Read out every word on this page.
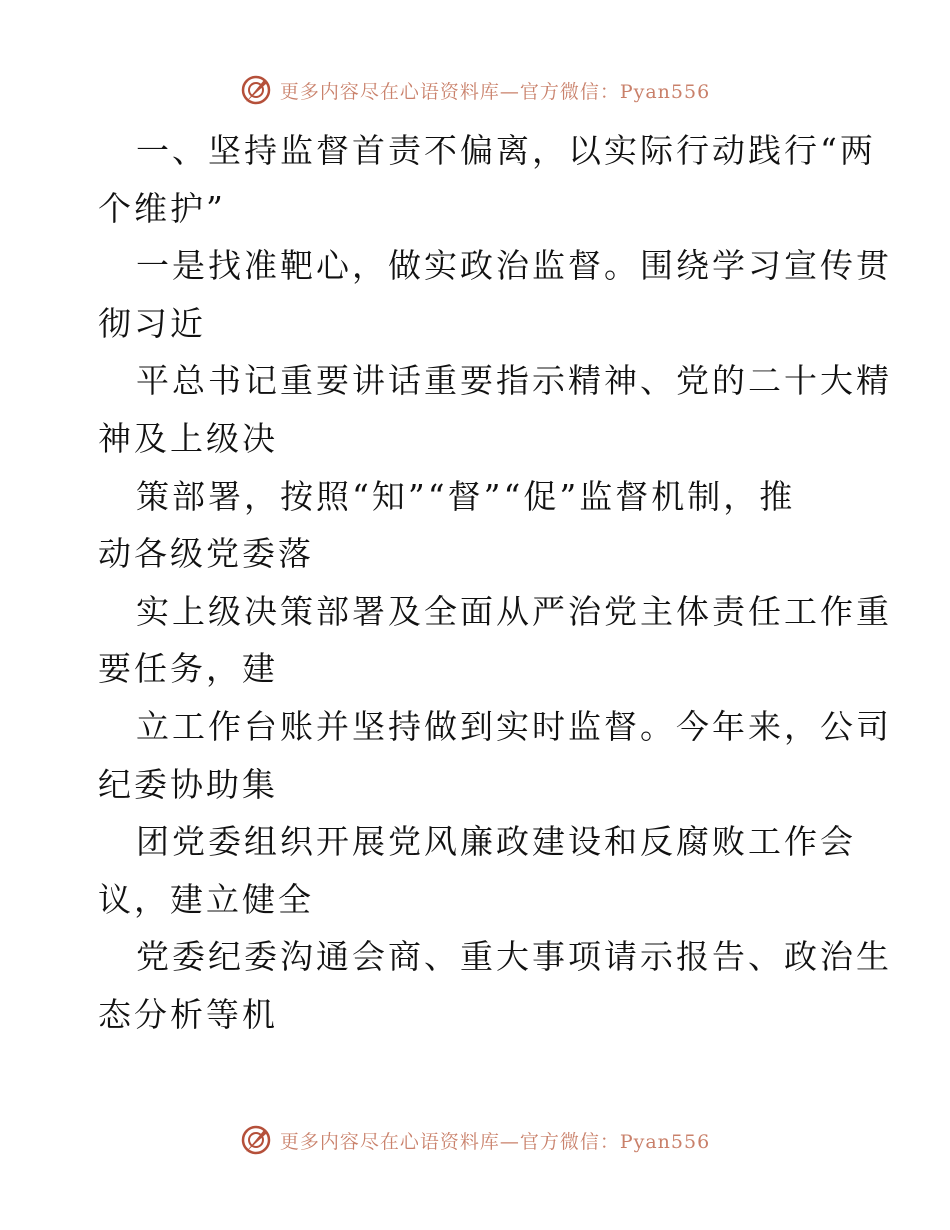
更多内容尽在心语资料库—官方微信：Pyan556
一、坚持监督首责不偏离，以实际行动践行“两
个维护”
一是找准靶心，做实政治监督。围绕学习宣传贯
彻习近
平总书记重要讲话重要指示精神、党的二十大精
神及上级决
策部署，按照“知”“督”“促”监督机制，推
动各级党委落
实上级决策部署及全面从严治党主体责任工作重
要任务，建
立工作台账并坚持做到实时监督。今年来，公司
纪委协助集
团党委组织开展党风廉政建设和反腐败工作会
议，建立健全
党委纪委沟通会商、重大事项请示报告、政治生
态分析等机
更多内容尽在心语资料库—官方微信：Pyan556
